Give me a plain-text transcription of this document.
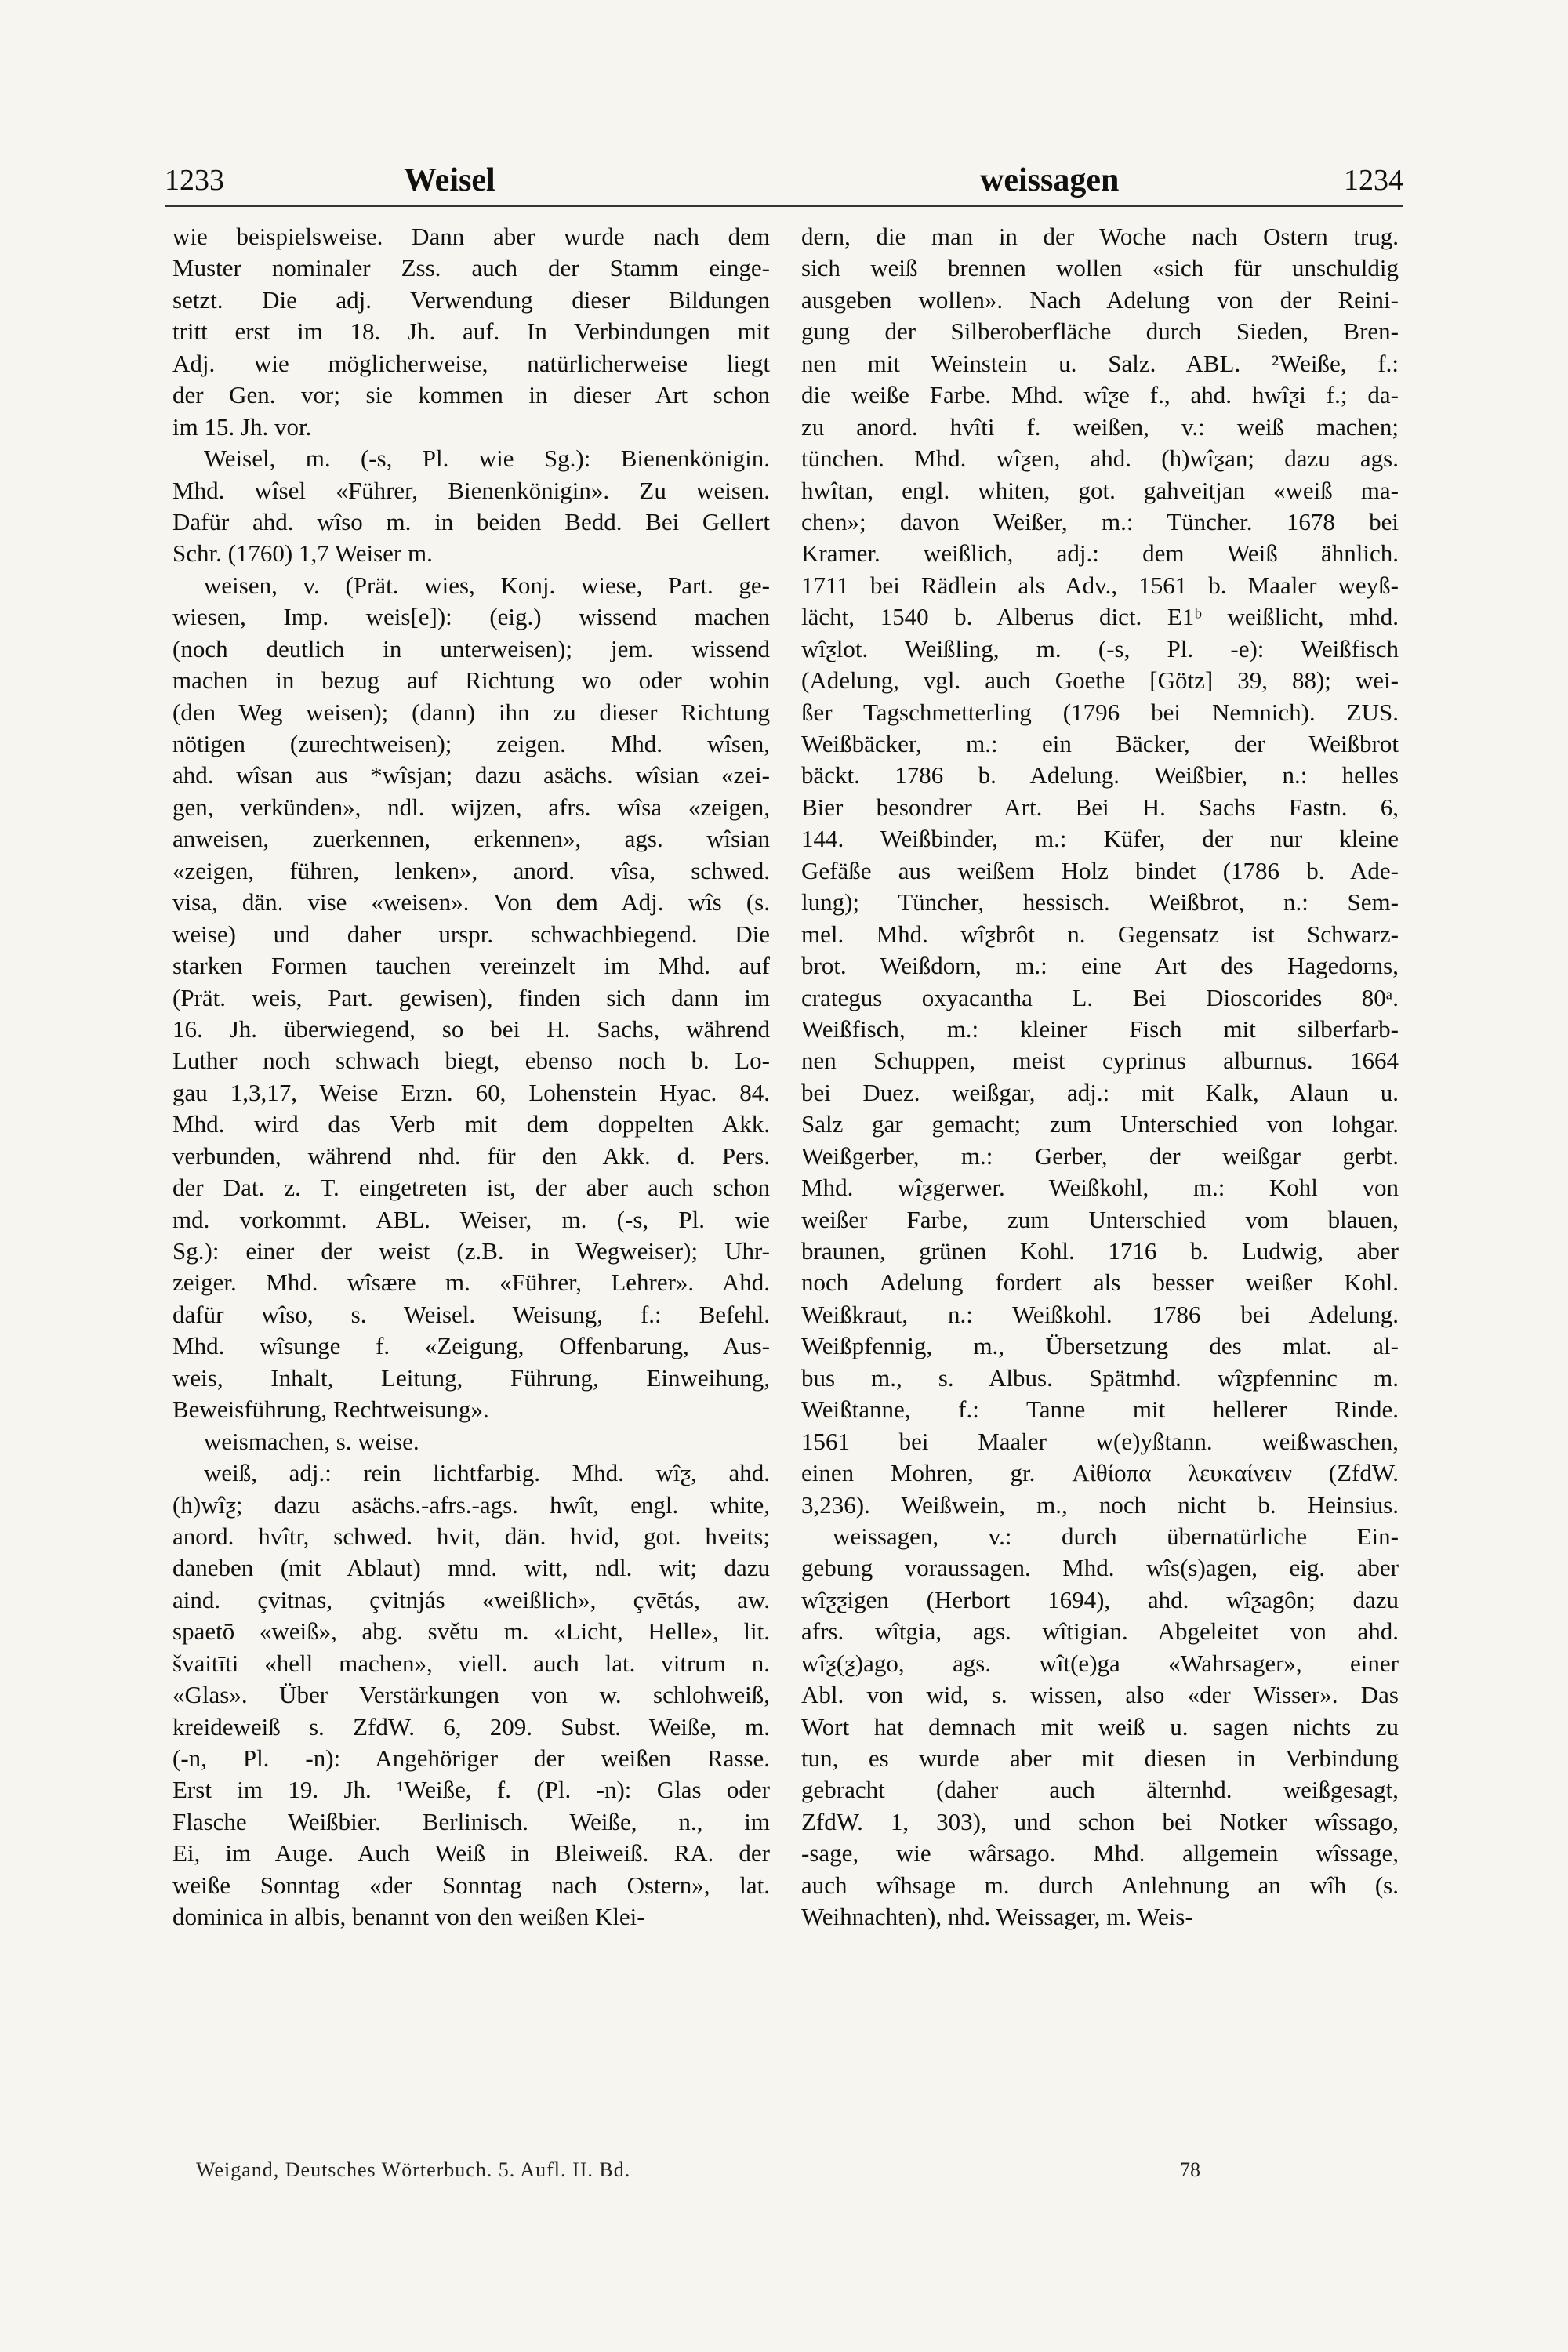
1233	Weisel	weissagen	1234
wie beispielsweise. Dann aber wurde nach dem
Muster nominaler Zss. auch der Stamm einge-
setzt. Die adj. Verwendung dieser Bildungen
tritt erst im 18. Jh. auf. In Verbindungen mit
Adj. wie möglicherweise, natürlicherweise liegt
der Gen. vor; sie kommen in dieser Art schon
im 15. Jh. vor.
Weisel, m. (-s, Pl. wie Sg.): Bienenkönigin.
Mhd. wîsel «Führer, Bienenkönigin». Zu weisen.
Dafür ahd. wîso m. in beiden Bedd. Bei Gellert
Schr. (1760) 1,7 Weiser m.
weisen, v. (Prät. wies, Konj. wiese, Part. ge-
wiesen, Imp. weis[e]): (eig.) wissend machen
(noch deutlich in unterweisen); jem. wissend
machen in bezug auf Richtung wo oder wohin
(den Weg weisen); (dann) ihn zu dieser Richtung
nötigen (zurechtweisen); zeigen. Mhd. wîsen,
ahd. wîsan aus *wîsjan; dazu asächs. wîsian «zei-
gen, verkünden», ndl. wijzen, afrs. wîsa «zeigen,
anweisen, zuerkennen, erkennen», ags. wîsian
«zeigen, führen, lenken», anord. vîsa, schwed.
visa, dän. vise «weisen». Von dem Adj. wîs (s.
weise) und daher urspr. schwachbiegend. Die
starken Formen tauchen vereinzelt im Mhd. auf
(Prät. weis, Part. gewisen), finden sich dann im
16. Jh. überwiegend, so bei H. Sachs, während
Luther noch schwach biegt, ebenso noch b. Lo-
gau 1,3,17, Weise Erzn. 60, Lohenstein Hyac. 84.
Mhd. wird das Verb mit dem doppelten Akk.
verbunden, während nhd. für den Akk. d. Pers.
der Dat. z. T. eingetreten ist, der aber auch schon
md. vorkommt. ABL. Weiser, m. (-s, Pl. wie
Sg.): einer der weist (z.B. in Wegweiser); Uhr-
zeiger. Mhd. wîsære m. «Führer, Lehrer». Ahd.
dafür wîso, s. Weisel. Weisung, f.: Befehl.
Mhd. wîsunge f. «Zeigung, Offenbarung, Aus-
weis, Inhalt, Leitung, Führung, Einweihung,
Beweisführung, Rechtweisung».
weismachen, s. weise.
weiß, adj.: rein lichtfarbig. Mhd. wîƺ, ahd.
(h)wîƺ; dazu asächs.-afrs.-ags. hwît, engl. white,
anord. hvîtr, schwed. hvit, dän. hvid, got. hveits;
daneben (mit Ablaut) mnd. witt, ndl. wit; dazu
aind. çvitnas, çvitnjás «weißlich», çvētás, aw.
spaetō «weiß», abg. světu m. «Licht, Helle», lit.
švaitīti «hell machen», viell. auch lat. vitrum n.
«Glas». Über Verstärkungen von w. schlohweiß,
kreideweiß s. ZfdW. 6, 209. Subst. Weiße, m.
(-n, Pl. -n): Angehöriger der weißen Rasse.
Erst im 19. Jh. ¹Weiße, f. (Pl. -n): Glas oder
Flasche Weißbier. Berlinisch. Weiße, n., im
Ei, im Auge. Auch Weiß in Bleiweiß. RA. der
weiße Sonntag «der Sonntag nach Ostern», lat.
dominica in albis, benannt von den weißen Klei-
dern, die man in der Woche nach Ostern trug.
sich weiß brennen wollen «sich für unschuldig
ausgeben wollen». Nach Adelung von der Reini-
gung der Silberoberfläche durch Sieden, Bren-
nen mit Weinstein u. Salz. ABL. ²Weiße, f.:
die weiße Farbe. Mhd. wîƺe f., ahd. hwîƺi f.; da-
zu anord. hvîti f. weißen, v.: weiß machen;
tünchen. Mhd. wîƺen, ahd. (h)wîƺan; dazu ags.
hwîtan, engl. whiten, got. gahveitjan «weiß ma-
chen»; davon Weißer, m.: Tüncher. 1678 bei
Kramer. weißlich, adj.: dem Weiß ähnlich.
1711 bei Rädlein als Adv., 1561 b. Maaler weyß-
lächt, 1540 b. Alberus dict. E1ᵇ weißlicht, mhd.
wîƺlot. Weißling, m. (-s, Pl. -e): Weißfisch
(Adelung, vgl. auch Goethe [Götz] 39, 88); wei-
ßer Tagschmetterling (1796 bei Nemnich). ZUS.
Weißbäcker, m.: ein Bäcker, der Weißbrot
bäckt. 1786 b. Adelung. Weißbier, n.: helles
Bier besondrer Art. Bei H. Sachs Fastn. 6,
144. Weißbinder, m.: Küfer, der nur kleine
Gefäße aus weißem Holz bindet (1786 b. Ade-
lung); Tüncher, hessisch. Weißbrot, n.: Sem-
mel. Mhd. wîƺbrôt n. Gegensatz ist Schwarz-
brot. Weißdorn, m.: eine Art des Hagedorns,
crategus oxyacantha L. Bei Dioscorides 80ᵃ.
Weißfisch, m.: kleiner Fisch mit silberfarb-
nen Schuppen, meist cyprinus alburnus. 1664
bei Duez. weißgar, adj.: mit Kalk, Alaun u.
Salz gar gemacht; zum Unterschied von lohgar.
Weißgerber, m.: Gerber, der weißgar gerbt.
Mhd. wîƺgerwer. Weißkohl, m.: Kohl von
weißer Farbe, zum Unterschied vom blauen,
braunen, grünen Kohl. 1716 b. Ludwig, aber
noch Adelung fordert als besser weißer Kohl.
Weißkraut, n.: Weißkohl. 1786 bei Adelung.
Weißpfennig, m., Übersetzung des mlat. al-
bus m., s. Albus. Spätmhd. wîƺpfenninc m.
Weißtanne, f.: Tanne mit hellerer Rinde.
1561 bei Maaler w(e)yßtann. weißwaschen,
einen Mohren, gr. Αἰθίοπα λευκαίνειν (ZfdW.
3,236). Weißwein, m., noch nicht b. Heinsius.
weissagen, v.: durch übernatürliche Ein-
gebung voraussagen. Mhd. wîs(s)agen, eig. aber
wîƺƺigen (Herbort 1694), ahd. wîƺagôn; dazu
afrs. wîtgia, ags. wîtigian. Abgeleitet von ahd.
wîƺ(ƺ)ago, ags. wît(e)ga «Wahrsager», einer
Abl. von wid, s. wissen, also «der Wisser». Das
Wort hat demnach mit weiß u. sagen nichts zu
tun, es wurde aber mit diesen in Verbindung
gebracht (daher auch älternhd. weißgesagt,
ZfdW. 1, 303), und schon bei Notker wîssago,
-sage, wie wârsago. Mhd. allgemein wîssage,
auch wîhsage m. durch Anlehnung an wîh (s.
Weihnachten), nhd. Weissager, m. Weis-
Weigand, Deutsches Wörterbuch. 5. Aufl. II. Bd.	78
